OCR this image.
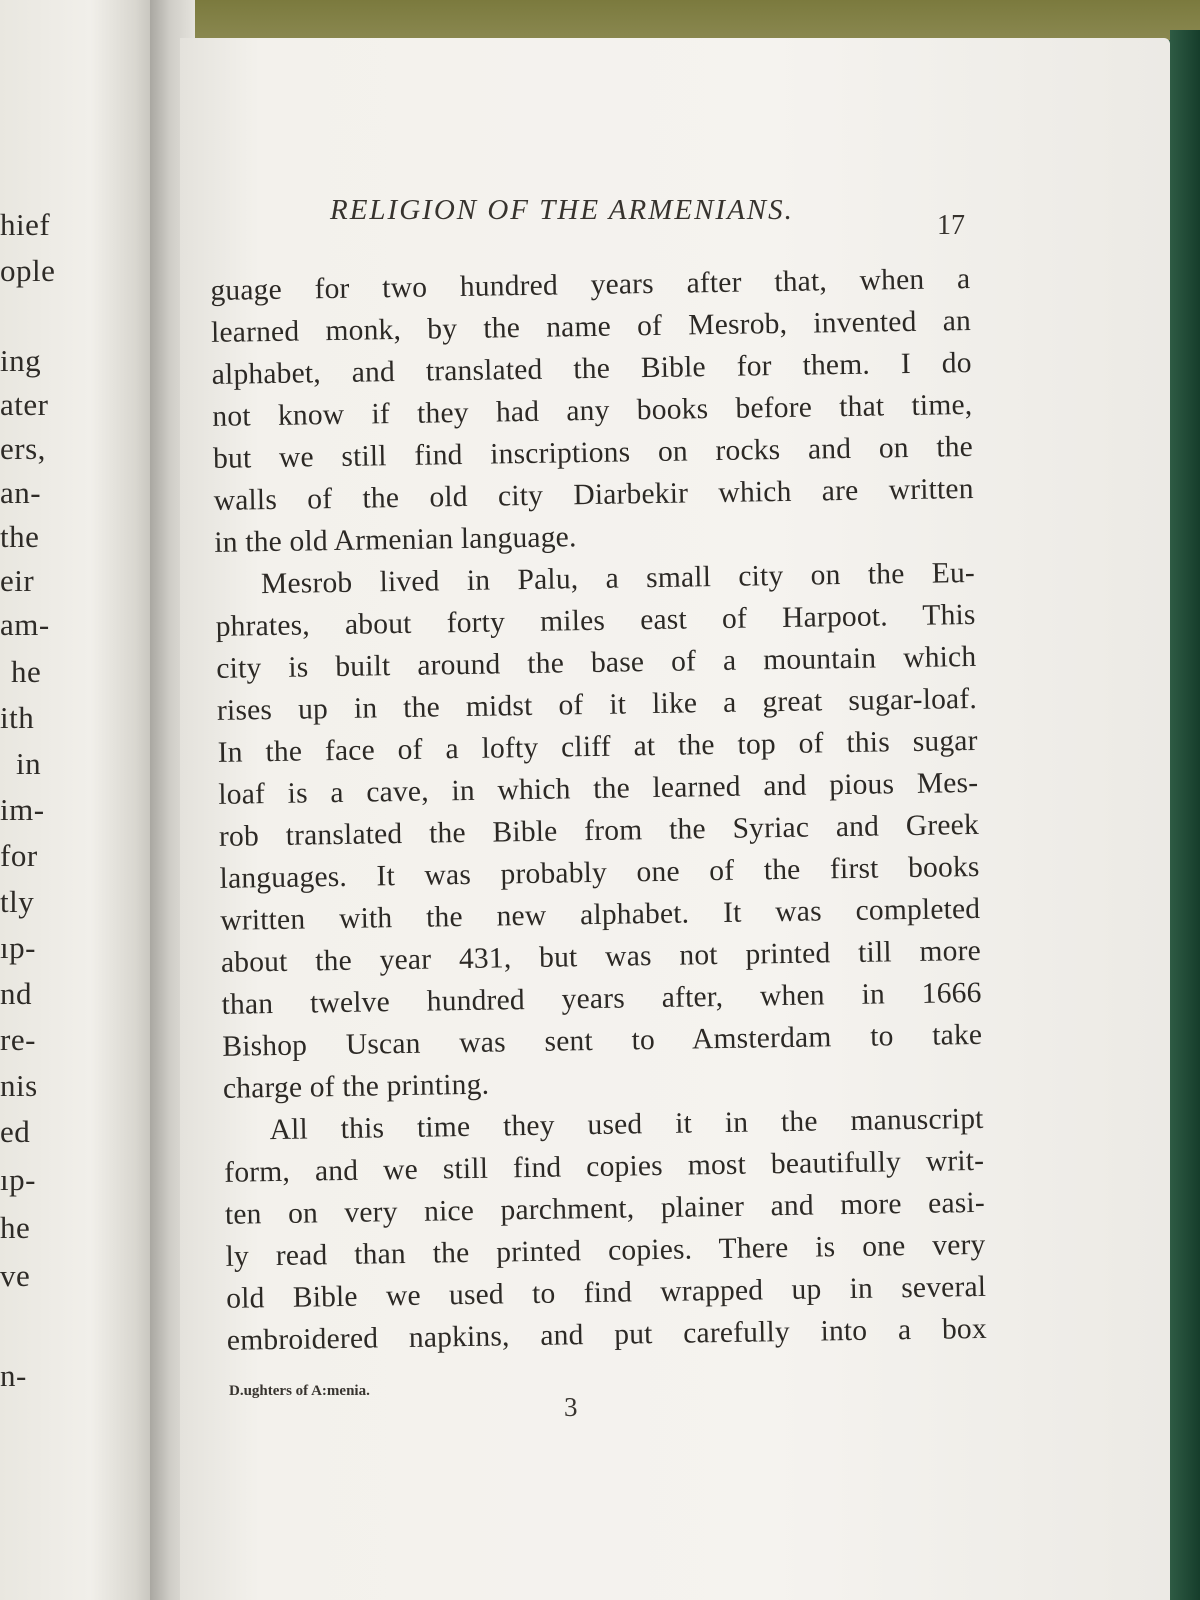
hief
ople
ing
ater
ers,
an-
the
eir
am-
he
ith
in
im-
for
tly
ıp-
nd
re-
nis
ed
ıp-
he
ve
n-
RELIGION OF THE ARMENIANS.	17
guage for two hundred years after that, when a
learned monk, by the name of Mesrob, invented an
alphabet, and translated the Bible for them. I do
not know if they had any books before that time,
but we still find inscriptions on rocks and on the
walls of the old city Diarbekir which are written
in the old Armenian language.
Mesrob lived in Palu, a small city on the Eu-
phrates, about forty miles east of Harpoot. This
city is built around the base of a mountain which
rises up in the midst of it like a great sugar-loaf.
In the face of a lofty cliff at the top of this sugar
loaf is a cave, in which the learned and pious Mes-
rob translated the Bible from the Syriac and Greek
languages. It was probably one of the first books
written with the new alphabet. It was completed
about the year 431, but was not printed till more
than twelve hundred years after, when in 1666
Bishop Uscan was sent to Amsterdam to take
charge of the printing.
All this time they used it in the manuscript
form, and we still find copies most beautifully writ-
ten on very nice parchment, plainer and more easi-
ly read than the printed copies. There is one very
old Bible we used to find wrapped up in several
embroidered napkins, and put carefully into a box
D.ughters of A:menia.
3
